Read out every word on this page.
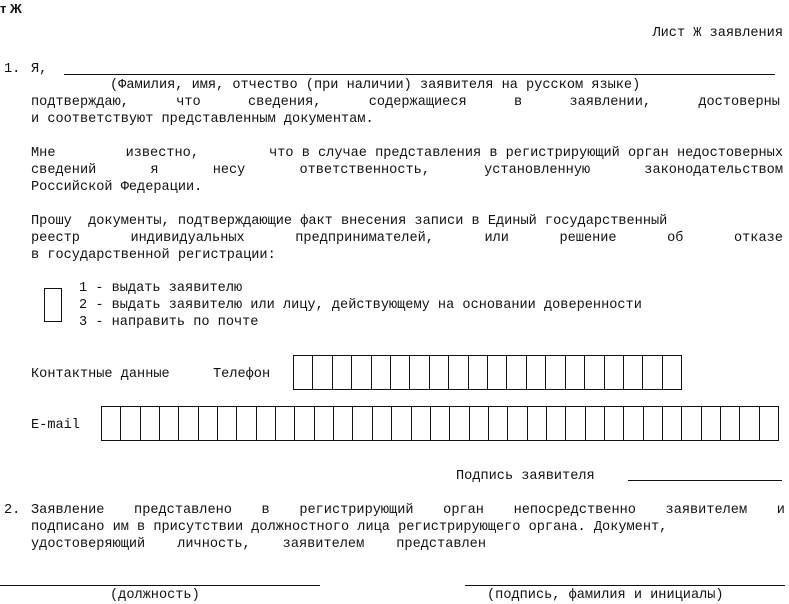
т Ж
Лист Ж заявления
1. Я,
(Фамилия, имя, отчество (при наличии) заявителя на русском языке)
подтверждаю,	что	сведения,	содержащиеся	в	заявлении,	достоверны
и соответствуют представленным документам.
Мне	известно,	что в случае представления в регистрирующий орган недостоверных
сведений	я	несу	ответственность,	установленную	законодательством
Российской Федерации.
Прошу  документы, подтверждающие факт внесения записи в Единый государственный
реестр	индивидуальных	предпринимателей,	или	решение	об	отказе
в государственной регистрации:
1 - выдать заявителю
2 - выдать заявителю или лицу, действующему на основании доверенности
3 - направить по почте
Контактные данные	Телефон
E-mail
Подпись заявителя
2. Заявление представлено в регистрирующий орган непосредственно заявителем и
подписано им в присутствии должностного лица регистрирующего органа. Документ,
удостоверяющий личность, заявителем представлен
(должность)	(подпись, фамилия и инициалы)
